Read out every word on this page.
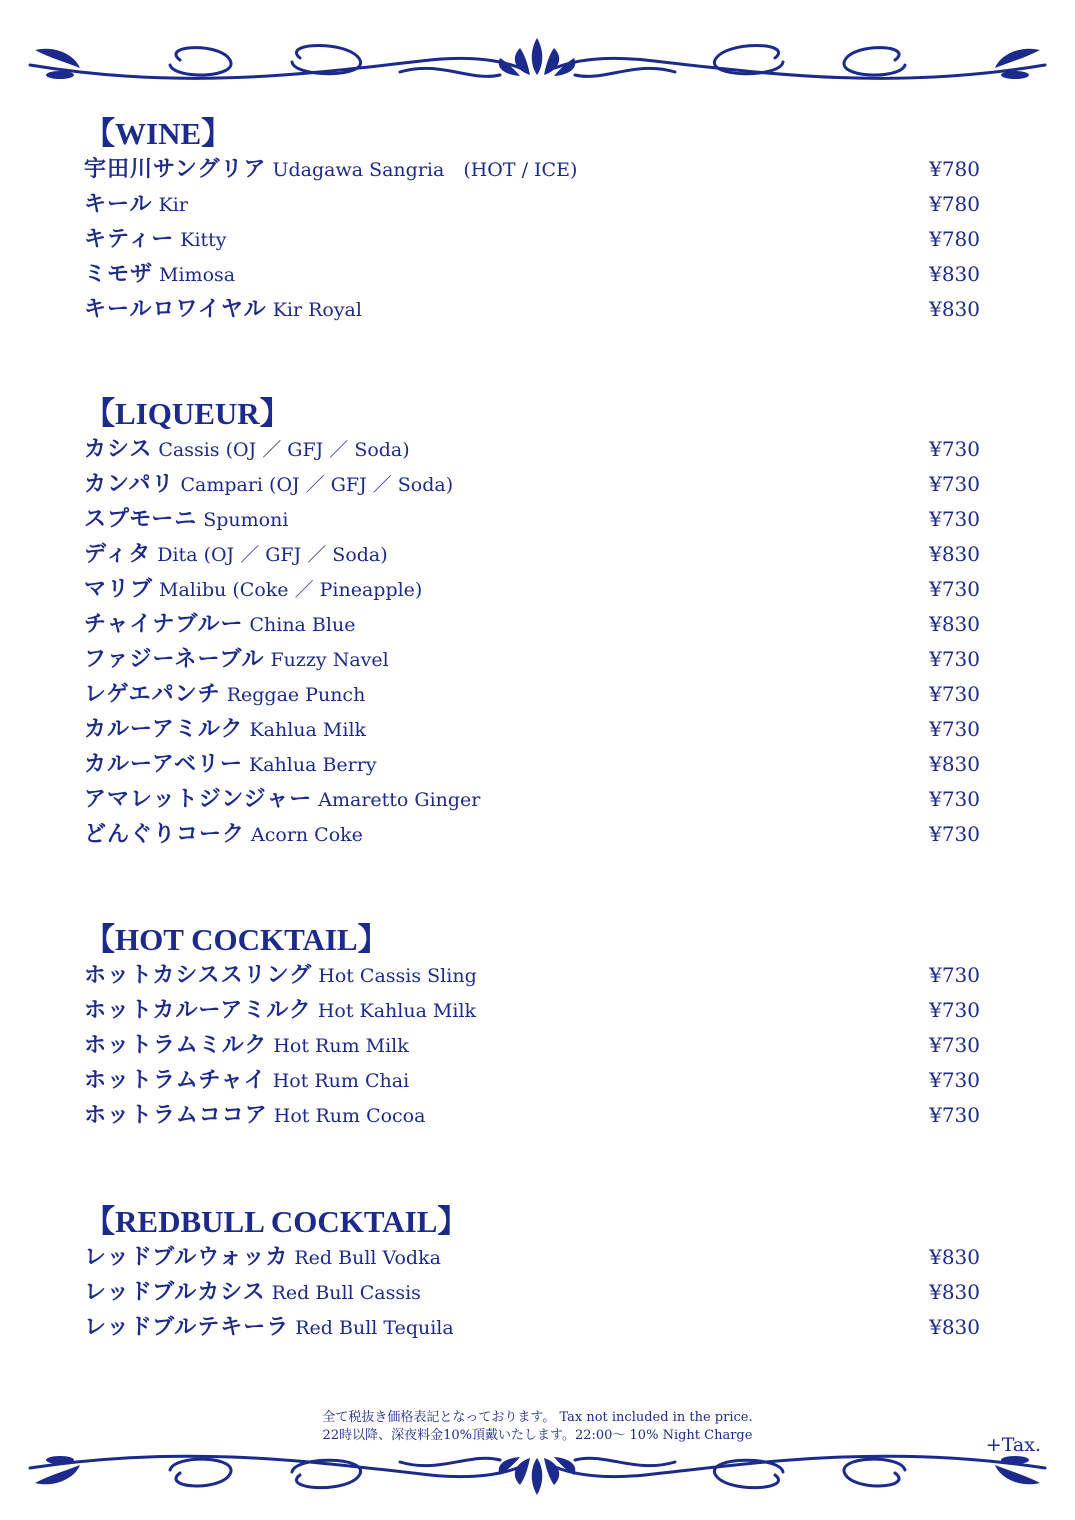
【WINE】
宇田川サングリア Udagawa Sangria　(HOT / ICE)	¥780
キール Kir	¥780
キティー Kitty	¥780
ミモザ Mimosa	¥830
キールロワイヤル Kir Royal	¥830
【LIQUEUR】
カシス Cassis (OJ ／ GFJ ／ Soda)	¥730
カンパリ Campari (OJ ／ GFJ ／ Soda)	¥730
スプモーニ Spumoni	¥730
ディタ Dita (OJ ／ GFJ ／ Soda)	¥830
マリブ Malibu (Coke ／ Pineapple)	¥730
チャイナブルー China Blue	¥830
ファジーネーブル Fuzzy Navel	¥730
レゲエパンチ Reggae Punch	¥730
カルーアミルク Kahlua Milk	¥730
カルーアベリー Kahlua Berry	¥830
アマレットジンジャー Amaretto Ginger	¥730
どんぐりコーク Acorn Coke	¥730
【HOT COCKTAIL】
ホットカシススリング Hot Cassis Sling	¥730
ホットカルーアミルク Hot Kahlua Milk	¥730
ホットラムミルク Hot Rum Milk	¥730
ホットラムチャイ Hot Rum Chai	¥730
ホットラムココア Hot Rum Cocoa	¥730
【REDBULL COCKTAIL】
レッドブルウォッカ Red Bull Vodka	¥830
レッドブルカシス Red Bull Cassis	¥830
レッドブルテキーラ Red Bull Tequila	¥830
全て税抜き価格表記となっております。 Tax not included in the price.
22時以降、深夜料金10%頂戴いたします。22:00〜 10% Night Charge	+Tax.
